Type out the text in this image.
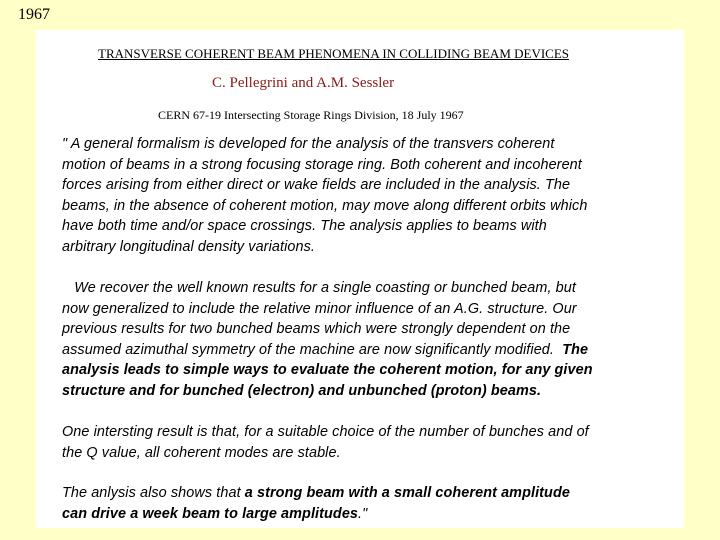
1967
TRANSVERSE COHERENT BEAM PHENOMENA IN COLLIDING BEAM DEVICES
C. Pellegrini and A.M. Sessler
CERN 67-19 Intersecting Storage Rings Division, 18 July 1967
" A general formalism is developed for the analysis of the transvers coherent
motion of beams in a strong focusing storage ring. Both coherent and incoherent
forces arising from either direct or wake fields are included in the analysis. The
beams, in the absence of coherent motion, may move along different orbits which
have both time and/or space crossings. The analysis applies to beams with
arbitrary longitudinal density variations.
We recover the well known results for a single coasting or bunched beam, but
now generalized to include the relative minor influence of an A.G. structure. Our
previous results for two bunched beams which were strongly dependent on the
assumed azimuthal symmetry of the machine are now significantly modified.  The
analysis leads to simple ways to evaluate the coherent motion, for any given
structure and for bunched (electron) and unbunched (proton) beams.
One intersting result is that, for a suitable choice of the number of bunches and of
the Q value, all coherent modes are stable.
The anlysis also shows that a strong beam with a small coherent amplitude
can drive a week beam to large amplitudes."
